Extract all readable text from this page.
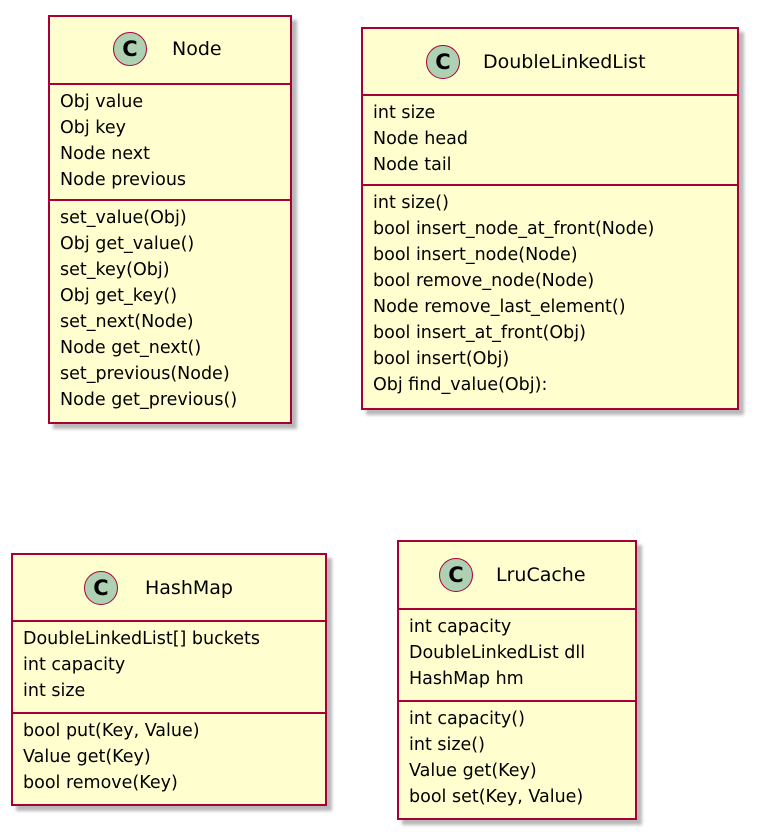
C	Node
Obj value
Obj key
Node next
Node previous
set_value(Obj)
Obj get_value()
set_key(Obj)
Obj get_key()
set_next(Node)
Node get_next()
set_previous(Node)
Node get_previous()
C	DoubleLinkedList
int size
Node head
Node tail
int size()
bool insert_node_at_front(Node)
bool insert_node(Node)
bool remove_node(Node)
Node remove_last_element()
bool insert_at_front(Obj)
bool insert(Obj)
Obj find_value(Obj):
C	HashMap
DoubleLinkedList[] buckets
int capacity
int size
bool put(Key, Value)
Value get(Key)
bool remove(Key)
C	LruCache
int capacity
DoubleLinkedList dll
HashMap hm
int capacity()
int size()
Value get(Key)
bool set(Key, Value)
